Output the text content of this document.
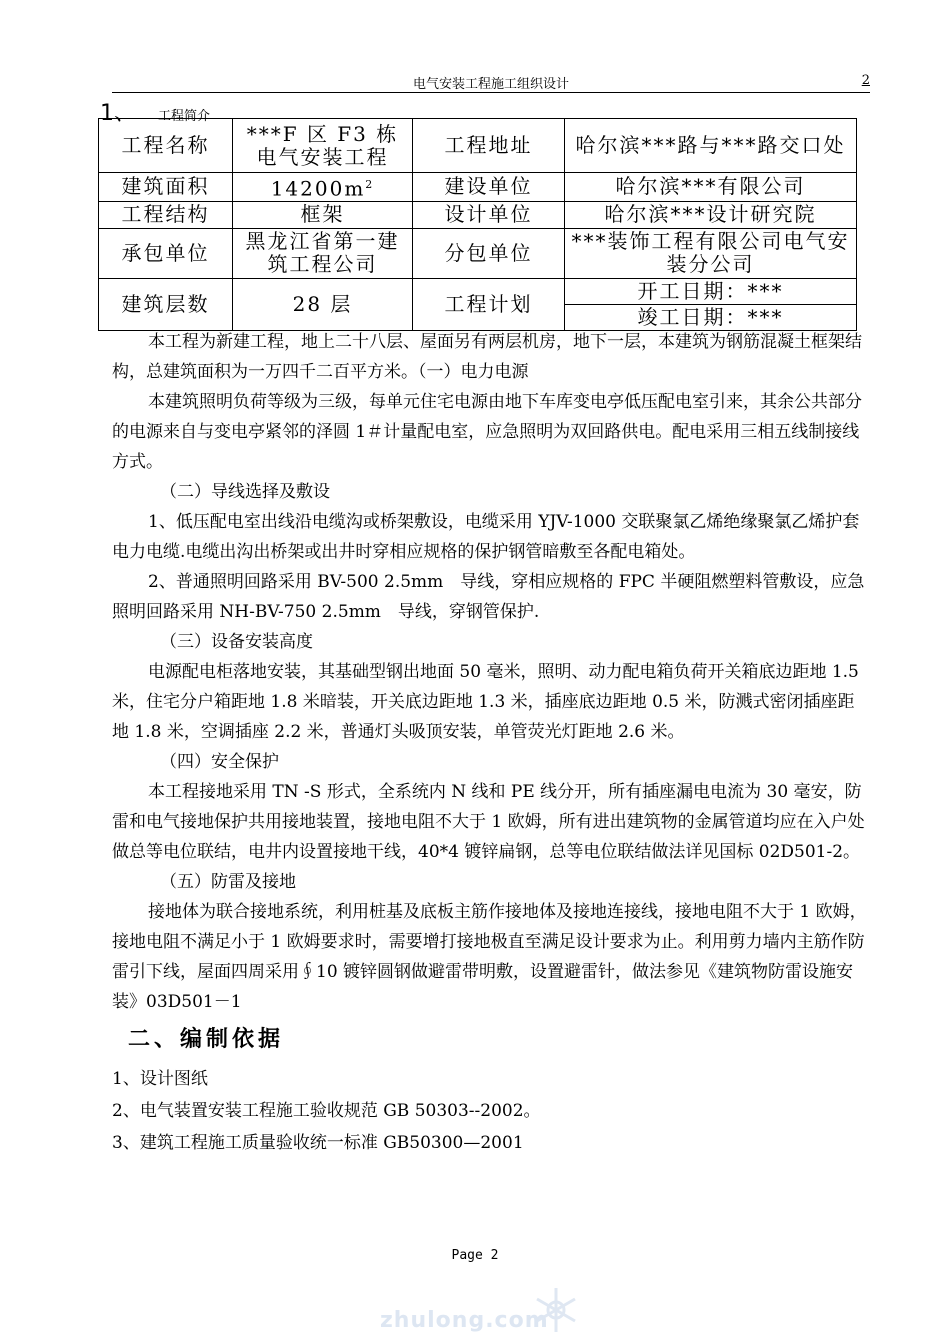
电气安装工程施工组织设计	2
1、 工程简介
工程名称	***F 区 F3 栋电气安装工程	工程地址	哈尔滨***路与***路交口处
建筑面积	$14200m^2$	建设单位	哈尔滨***有限公司
工程结构	框架	设计单位	哈尔滨***设计研究院
承包单位	黑龙江省第一建筑工程公司	分包单位	***装饰工程有限公司电气安装分公司
建筑层数	28 层	工程计划	开工日期：***
			竣工日期：***

本工程为新建工程，地上二十八层、屋面另有两层机房，地下一层，本建筑为钢筋混凝土框架结构，总建筑面积为一万四千二百平方米。（一）电力电源

本建筑照明负荷等级为三级，每单元住宅电源由地下车库变电亭低压配电室引来，其余公共部分的电源来自与变电亭紧邻的泽圆 1＃计量配电室，应急照明为双回路供电。配电采用三相五线制接线方式。

（二）导线选择及敷设

1、低压配电室出线沿电缆沟或桥架敷设，电缆采用 YJV-1000 交联聚氯乙烯绝缘聚氯乙烯护套电力电缆.电缆出沟出桥架或出井时穿相应规格的保护钢管暗敷至各配电箱处。

2、普通照明回路采用 BV-500 2.5mm　导线，穿相应规格的 FPC 半硬阻燃塑料管敷设，应急照明回路采用 NH-BV-750 2.5mm　导线，穿钢管保护.

（三）设备安装高度

电源配电柜落地安装，其基础型钢出地面 50 毫米，照明、动力配电箱负荷开关箱底边距地 1.5 米，住宅分户箱距地 1.8 米暗装，开关底边距地 1.3 米，插座底边距地 0.5 米，防溅式密闭插座距地 1.8 米，空调插座 2.2 米，普通灯头吸顶安装，单管荧光灯距地 2.6 米。

（四）安全保护

本工程接地采用 TN -S 形式，全系统内 N 线和 PE 线分开，所有插座漏电电流为 30 毫安，防雷和电气接地保护共用接地装置，接地电阻不大于 1 欧姆，所有进出建筑物的金属管道均应在入户处做总等电位联结，电井内设置接地干线，40*4 镀锌扁钢，总等电位联结做法详见国标 02D501-2。

（五）防雷及接地

接地体为联合接地系统，利用桩基及底板主筋作接地体及接地连接线，接地电阻不大于 1 欧姆，接地电阻不满足小于 1 欧姆要求时，需要增打接地极直至满足设计要求为止。利用剪力墙内主筋作防雷引下线，屋面四周采用∮10 镀锌圆钢做避雷带明敷，设置避雷针，做法参见《建筑物防雷设施安装》03D501－1

二、编制依据

1、设计图纸

2、电气装置安装工程施工验收规范 GB 50303--2002。

3、建筑工程施工质量验收统一标准 GB50300—2001

Page 2
zhulong.com
